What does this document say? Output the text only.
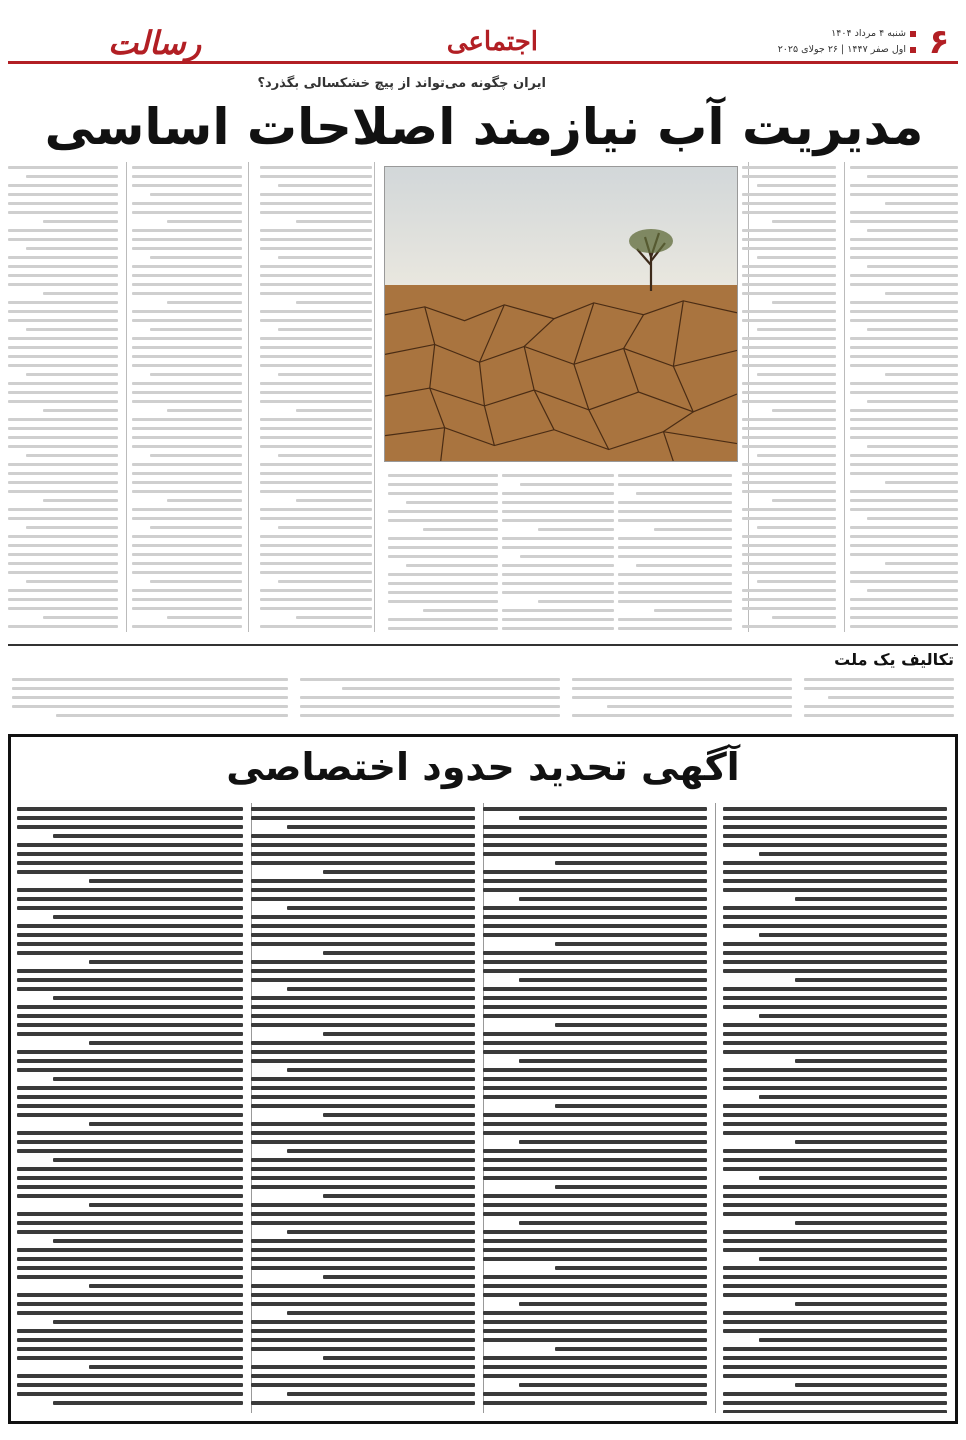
۶
شنبه ۴ مرداد ۱۴۰۴
اول صفر ۱۴۴۷ | ۲۶ جولای ۲۰۲۵
اجتماعی
رسالت
ایران چگونه می‌تواند از پیچ خشکسالی بگذرد؟
مدیریت آب نیازمند اصلاحات اساسی
تکالیف یک ملت
آگهی تحدید حدود اختصاصی
